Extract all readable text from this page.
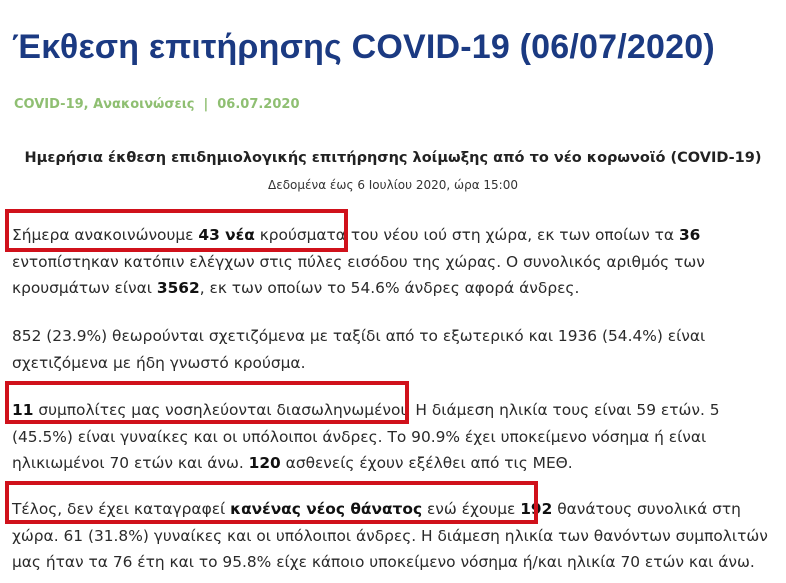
Έκθεση επιτήρησης COVID-19 (06/07/2020)
COVID-19, Ανακοινώσεις | 06.07.2020
Ημερήσια έκθεση επιδημιολογικής επιτήρησης λοίμωξης από το νέο κορωνοϊό (COVID-19)
Δεδομένα έως 6 Ιουλίου 2020, ώρα 15:00

Σήμερα ανακοινώνουμε 43 νέα κρούσματα του νέου ιού στη χώρα, εκ των οποίων τα 36 εντοπίστηκαν κατόπιν ελέγχων στις πύλες εισόδου της χώρας. Ο συνολικός αριθμός των κρουσμάτων είναι 3562, εκ των οποίων το 54.6% άνδρες αφορά άνδρες.

852 (23.9%) θεωρούνται σχετιζόμενα με ταξίδι από το εξωτερικό και 1936 (54.4%) είναι σχετιζόμενα με ήδη γνωστό κρούσμα.

11 συμπολίτες μας νοσηλεύονται διασωληνωμένοι. Η διάμεση ηλικία τους είναι 59 ετών. 5 (45.5%) είναι γυναίκες και οι υπόλοιποι άνδρες. Το 90.9% έχει υποκείμενο νόσημα ή είναι ηλικιωμένοι 70 ετών και άνω. 120 ασθενείς έχουν εξέλθει από τις ΜΕΘ.

Τέλος, δεν έχει καταγραφεί κανένας νέος θάνατος ενώ έχουμε 192 θανάτους συνολικά στη χώρα. 61 (31.8%) γυναίκες και οι υπόλοιποι άνδρες. Η διάμεση ηλικία των θανόντων συμπολιτών μας ήταν τα 76 έτη και το 95.8% είχε κάποιο υποκείμενο νόσημα ή/και ηλικία 70 ετών και άνω.
